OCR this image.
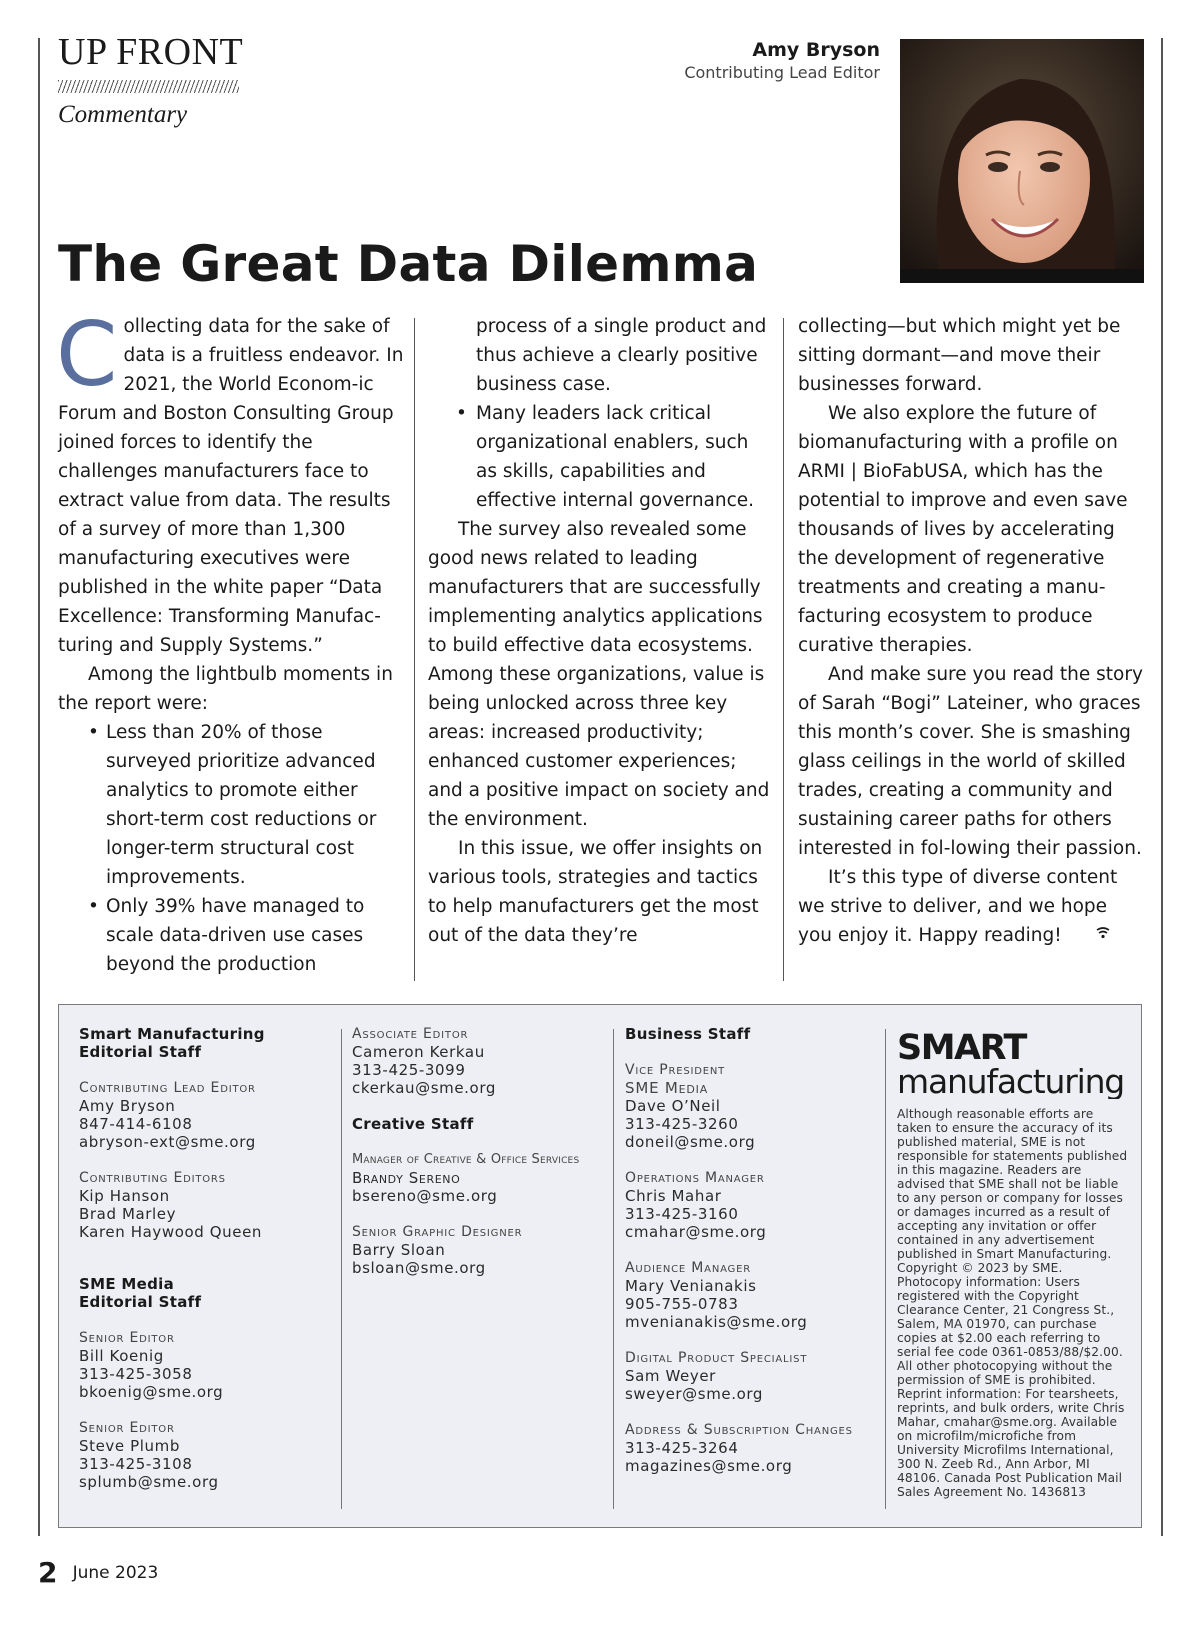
UP FRONT
Commentary
Amy Bryson
Contributing Lead Editor
The Great Data Dilemma

Collecting data for the sake of data is a fruitless endeavor. In 2021, the World Econom-ic Forum and Boston Consulting Group joined forces to identify the challenges manufacturers face to extract value from data. The results of a survey of more than 1,300 manufacturing executives were published in the white paper “Data Excellence: Transforming Manufac-turing and Supply Systems.”

Among the lightbulb moments in the report were:

• Less than 20% of those surveyed prioritize advanced analytics to promote either short-term cost reductions or longer-term structural cost improvements.
• Only 39% have managed to scale data-driven use cases beyond the production

process of a single product and thus achieve a clearly positive business case.

• Many leaders lack critical organizational enablers, such as skills, capabilities and effective internal governance.

The survey also revealed some good news related to leading manufacturers that are successfully implementing analytics applications to build effective data ecosystems. Among these organizations, value is being unlocked across three key areas: increased productivity; enhanced customer experiences; and a positive impact on society and the environment.

In this issue, we offer insights on various tools, strategies and tactics to help manufacturers get the most out of the data they’re

collecting—but which might yet be sitting dormant—and move their businesses forward.

We also explore the future of biomanufacturing with a profile on ARMI | BioFabUSA, which has the potential to improve and even save thousands of lives by accelerating the development of regenerative treatments and creating a manu-facturing ecosystem to produce curative therapies.

And make sure you read the story of Sarah “Bogi” Lateiner, who graces this month’s cover. She is smashing glass ceilings in the world of skilled trades, creating a community and sustaining career paths for others interested in fol-lowing their passion.

It’s this type of diverse content we strive to deliver, and we hope you enjoy it. Happy reading!

Smart Manufacturing
Editorial Staff
Contributing Lead Editor
Amy Bryson
847-414-6108
abryson-ext@sme.org
Contributing Editors
Kip Hanson
Brad Marley
Karen Haywood Queen
SME Media
Editorial Staff
Senior Editor
Bill Koenig
313-425-3058
bkoenig@sme.org
Senior Editor
Steve Plumb
313-425-3108
splumb@sme.org
Associate Editor
Cameron Kerkau
313-425-3099
ckerkau@sme.org
Creative Staff
Manager of Creative & Office Services
Brandy Sereno
bsereno@sme.org
Senior Graphic Designer
Barry Sloan
bsloan@sme.org
Business Staff
Vice President
SME Media
Dave O’Neil
313-425-3260
doneil@sme.org
Operations Manager
Chris Mahar
313-425-3160
cmahar@sme.org
Audience Manager
Mary Venianakis
905-755-0783
mvenianakis@sme.org
Digital Product Specialist
Sam Weyer
sweyer@sme.org
Address & Subscription Changes
313-425-3264
magazines@sme.org
SMART
manufacturing
Although reasonable efforts are taken to ensure the accuracy of its published material, SME is not responsible for statements published in this magazine. Readers are advised that SME shall not be liable to any person or company for losses or damages incurred as a result of accepting any invitation or offer contained in any advertisement published in Smart Manufacturing. Copyright © 2023 by SME. Photocopy information: Users registered with the Copyright Clearance Center, 21 Congress St., Salem, MA 01970, can purchase copies at $2.00 each referring to serial fee code 0361-0853/88/$2.00. All other photocopying without the permission of SME is prohibited. Reprint information: For tearsheets, reprints, and bulk orders, write Chris Mahar, cmahar@sme.org. Available on microfilm/microfiche from University Microfilms International, 300 N. Zeeb Rd., Ann Arbor, MI 48106. Canada Post Publication Mail Sales Agreement No. 1436813
2 June 2023
